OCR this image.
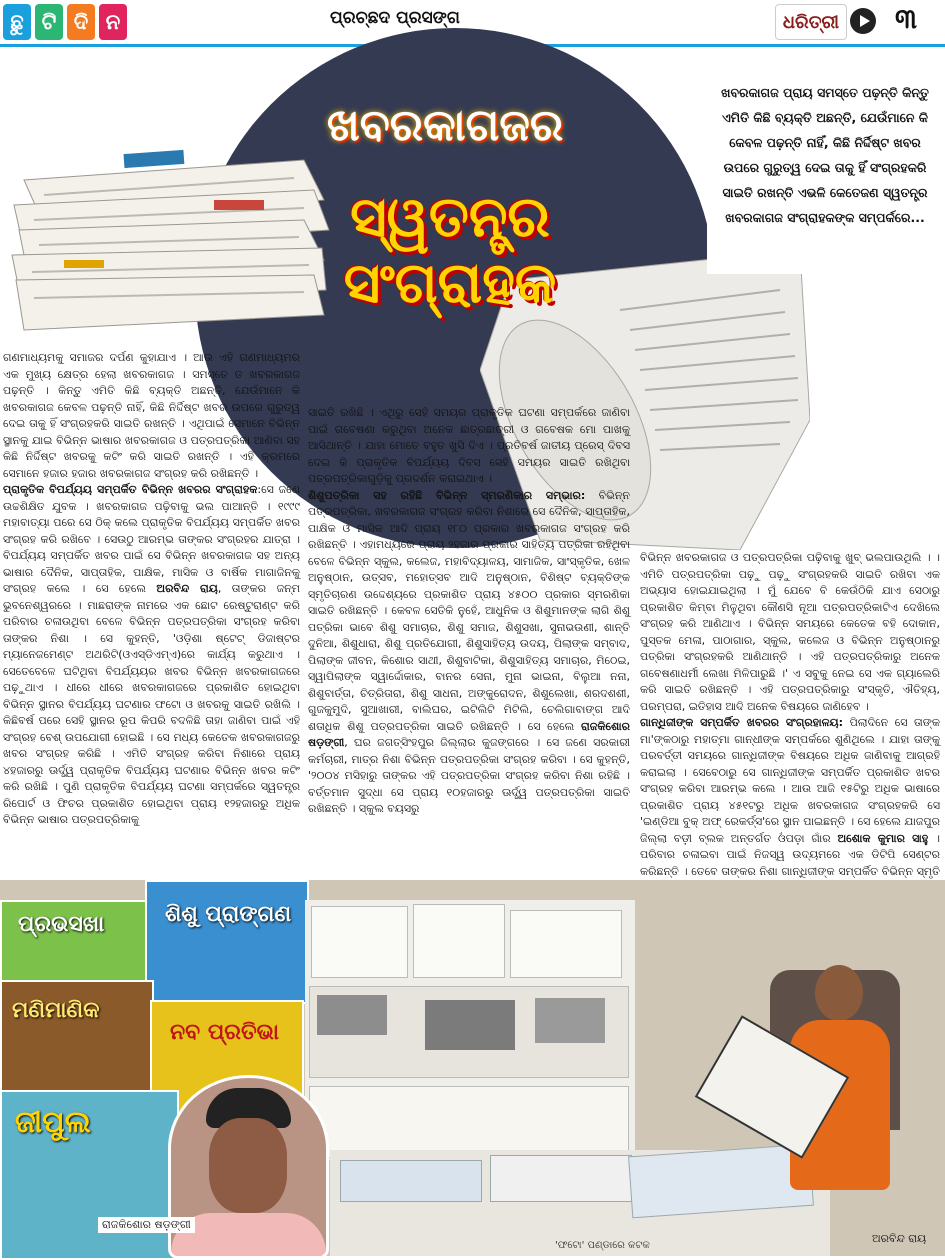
ଛୁ ଟି ଦି ନ	ପ୍ରଚ୍ଛଦ ପ୍ରସଙ୍ଗ	ଧରିତ୍ରୀ ୩
ଖବରକାଗଜର
ସ୍ୱତନ୍ତ୍ର ସଂଗ୍ରାହକ
ଖବରକାଗଜ ପ୍ରାୟ ସମସ୍ତେ ପଢ଼ନ୍ତି କିନ୍ତୁ ଏମିତି କିଛି ବ୍ୟକ୍ତି ଅଛନ୍ତି, ଯେଉଁମାନେ କି କେବଳ ପଢ଼ନ୍ତି ନାହିଁ, କିଛି ନିର୍ଦ୍ଦିଷ୍ଟ ଖବର ଉପରେ ଗୁରୁତ୍ୱ ଦେଇ ତାକୁ ହିଁ ସଂଗ୍ରହକରି ସାଇତି ରଖନ୍ତି ଏଭଳି କେତେଜଣ ସ୍ୱତନ୍ତ୍ର ଖବରକାଗଜ ସଂଗ୍ରାହକଙ୍କ ସମ୍ପର୍କରେ...

ଗଣମାଧ୍ୟମକୁ ସମାଜର ଦର୍ପଣ କୁହାଯାଏ । ଆଉ ଏହି ଗଣମାଧ୍ୟମର ଏକ ମୁଖ୍ୟ କ୍ଷେତ୍ର ହେଲା ଖବରକାଗଜ । ସମସ୍ତେ ତ ଖବରକାଗଜ ପଢ଼ନ୍ତି । କିନ୍ତୁ ଏମିତି କିଛି ବ୍ୟକ୍ତି ଅଛନ୍ତି, ଯେଉଁମାନେ କି ଖବରକାଗଜ କେବଳ ପଢ଼ନ୍ତି ନାହିଁ, କିଛି ନିର୍ଦ୍ଦିଷ୍ଟ ଖବର ଉପରେ ଗୁରୁତ୍ୱ ଦେଇ ତାକୁ ହିଁ ସଂଗ୍ରହକରି ସାଇତି ରଖନ୍ତି । ଏଥିପାଇଁ ସେମାନେ ବିଭିନ୍ନ ସ୍ଥାନକୁ ଯାଇ ବିଭିନ୍ନ ଭାଷାର ଖବରକାଗଜ ଓ ପତ୍ରପତ୍ରିକା ଆଣିବା ସହ କିଛି ନିର୍ଦ୍ଦିଷ୍ଟ ଖବରକୁ କଟିଂ କରି ସାଇତି ରଖନ୍ତି । ଏହି କ୍ରମରେ ସେମାନେ ହଜାର ହଜାର ଖବରକାଗଜ ସଂଗ୍ରହ କରି ରଖିଛନ୍ତି ।

ପ୍ରାକୃତିକ ବିପର୍ଯ୍ୟୟ ସମ୍ପର୍କିତ ବିଭିନ୍ନ ଖବରର ସଂଗ୍ରାହକ:ସେ ଜଣେ ଉଚ୍ଚଶିକ୍ଷିତ ଯୁବକ । ଖବରକାଗଜ ପଢ଼ିବାକୁ ଭଲ ପାଆନ୍ତି । ୧୯୯୯ ମହାବାତ୍ୟା ପରେ ସେ ଠିକ୍ କଲେ ପ୍ରାକୃତିକ ବିପର୍ଯ୍ୟୟ ସମ୍ପର୍କିତ ଖବର ସଂଗ୍ରହ କରି ରଖିବେ । ସେଉଠୁ ଆରମ୍ଭ ତାଙ୍କର ସଂଗ୍ରହର ଯାତ୍ରା । ବିପର୍ଯ୍ୟୟ ସମ୍ପର୍କିତ ଖବର ପାଇଁ ସେ ବିଭିନ୍ନ ଖବରକାଗଜ ସହ ଅନ୍ୟ ଭାଷାର ଦୈନିକ, ସାପ୍ତାହିକ, ପାକ୍ଷିକ, ମାସିକ ଓ ବାର୍ଷିକ ମାଗାଜିନକୁ ସଂଗ୍ରହ କଲେ । ସେ ହେଲେ ଅରବିନ୍ଦ ରାୟ, ତାଙ୍କର ଜନ୍ମ ଭୁବନେଶ୍ୱରରେ । ମାଛରାଙ୍କ ନାମରେ ଏକ ଛୋଟ ରେଷ୍ଟୁରାଣ୍ଟ କରି ପରିବାର ଚଳାଉଥିବା ବେଳେ ବିଭିନ୍ନ ପତ୍ରପତ୍ରିକା ସଂଗ୍ରହ କରିବା ତାଙ୍କର ନିଶା । ସେ କୁହନ୍ତି, 'ଓଡ଼ିଶା ଷ୍ଟେଟ୍ ଡିଜାଷ୍ଟର ମ୍ୟାନେଜମେଣ୍ଟ ଅଥରିଟି(ଓଏସ୍‌ଡିଏମ୍‌ଏ)ରେ କାର୍ଯ୍ୟ କରୁଥାଏ । ସେତେବେଳେ ଘଟିଥିବା ବିପର୍ଯ୍ୟୟର ଖବର ବିଭିନ୍ନ ଖବରକାଗଜରେ ପଢ଼ୁଥାଏ । ଧୀରେ ଧୀରେ ଖବରକାଗଜରେ ପ୍ରକାଶିତ ହୋଇଥିବା ବିଭିନ୍ନ ସ୍ଥାନର ବିପର୍ଯ୍ୟୟ ଘଟଣାର ଫଟୋ ଓ ଖବରକୁ ସାଇତି ରଖିଲି । କିଛିବର୍ଷ ପରେ ସେହି ସ୍ଥାନର ରୂପ କିପରି ବଦଳିଛି ତାହା ଜାଣିବା ପାଇଁ ଏହି ସଂଗ୍ରହ ବେଶ୍ ଉପଯୋଗୀ ହୋଇଛି । ସେ ମଧ୍ୟ କେତେକ ଖବରକାଗଜରୁ ଖବର ସଂଗ୍ରହ କରିଛି । ଏମିତି ସଂଗ୍ରହ କରିବା ନିଶାରେ ପ୍ରାୟ ୪ହଜାରରୁ ଊର୍ଦ୍ଧ୍ୱ ପ୍ରାକୃତିକ ବିପର୍ଯ୍ୟୟ ଘଟଣାର ବିଭିନ୍ନ ଖବର କଟିଂ କରି ରଖିଛି । ପୁଣି ପ୍ରାକୃତିକ ବିପର୍ଯ୍ୟୟ ଘଟଣା ସମ୍ପର୍କରେ ସ୍ୱତନ୍ତ୍ର ରିପୋର୍ଟ ଓ ଫିଚର ପ୍ରକାଶିତ ହୋଇଥିବା ପ୍ରାୟ ୧୨ହଜାରରୁ ଅଧିକ ବିଭିନ୍ନ ଭାଷାର ପତ୍ରପତ୍ରିକାକୁ

ସାଇତି ରଖିଛି । ଏଥିରୁ ସେହି ସମୟର ପ୍ରାକୃତିକ ଘଟଣା ସମ୍ପର୍କରେ ଜାଣିବା ପାଇଁ ଗବେଷଣା କରୁଥିବା ଅନେକ ଛାତ୍ରଛାତ୍ରୀ ଓ ଗବେଷକ ମୋ ପାଖକୁ ଆସିଥାନ୍ତି । ଯାହା ମୋତେ ବହୁତ ଖୁସି ଦିଏ । ପ୍ରତିବର୍ଷ ଜାତୀୟ ପ୍ରେସ୍ ଦିବସ ଦେଇ କି ପ୍ରାକୃତିକ ବିପର୍ଯ୍ୟୟ ଦିବସ ସେହି ସମୟର ସାଇତି ରଖିଥିବା ପତ୍ରପତ୍ରିକାଗୁଡ଼ିକୁ ପ୍ରଦର୍ଶନ କରାଇଥାଏ ।

ଶିଶୁପତ୍ରିକା ସହ ରହିଛି ବିଭିନ୍ନ ସ୍ମରଣିକାର ସମ୍ଭାର: ବିଭିନ୍ନ ପତ୍ରପତ୍ରିକା, ଖବରକାଗଜ ସଂଗ୍ରହ କରିବା ନିଶାରେ ସେ ଦୈନିକ, ସାପ୍ତାହିକ, ପାକ୍ଷିକ ଓ ମାସିକ ଆଦି ପ୍ରାୟ ୧୮୦ ପ୍ରକାର ଖବରକାଗଜ ସଂଗ୍ରହ କରି ରଖିଛନ୍ତି । ଏହାମଧ୍ୟରେ ପ୍ରାୟ ୨ହଜାର ପ୍ରକାର ସାହିତ୍ୟ ପତ୍ରିକା ରହିଥିବା ବେଳେ ବିଭିନ୍ନ ସ୍କୁଲ, କଲେଜ, ମହାବିଦ୍ୟାଳୟ, ସାମାଜିକ, ସାଂସ୍କୃତିକ, ଖେଳ ଅନୁଷ୍ଠାନ, ଉତ୍ସବ, ମହୋତ୍ସବ ଆଦି ଅନୁଷ୍ଠାନ, ବିଶିଷ୍ଟ ବ୍ୟକ୍ତିଙ୍କ ସ୍ମୃତିଚାରଣ ଉଦ୍ଦେଶ୍ୟରେ ପ୍ରକାଶିତ ପ୍ରାୟ ୪୫୦୦ ପ୍ରକାର ସ୍ମରଣିକା ସାଇତି ରଖିଛନ୍ତି । କେବଳ ସେତିକି ନୁହେଁ, ଆଧୁନିକ ଓ ଶିଶୁମାନଙ୍କ ଲାଗି ଶିଶୁ ପତ୍ରିକା ଭାବେ ଶିଶୁ ସମାଚାର, ଶିଶୁ ସମାଜ, ଶିଶୁସଖା, ସୁନାଭଉଣୀ, ଶାନ୍ତି ଦୁନିଆ, ଶିଶୁଧାରା, ଶିଶୁ ପ୍ରତିଯୋଗୀ, ଶିଶୁସାହିତ୍ୟ ଉଦୟ, ପିଲାଙ୍କ ସମ୍ବାଦ, ପିଲାଙ୍କ ଜୀବନ, କିଶୋର ସାଥୀ, ଶିଶୁବାଟିକା, ଶିଶୁସାହିତ୍ୟ ସମାଚାର, ମିଠେଇ, ସ୍ୱାପିଲାଙ୍କ ସ୍ୱାର୍ଦ୍ଦୋକାର, ବାନର ସେନା, ମୁନା ଭାଇନା, ବିଲୁଆ ନନା, ଶିଶୁବାର୍ତ୍ତା, ଚିତ୍ରିତାରା, ଶିଶୁ ସାଧନା, ଅଙ୍କୁରୋଦନ, ଶିଶୁଲେଖା, ଶରଦଶଶୀ, ଗୁଜକୁମୁଦି, ସୁଆଖାରୀ, ବାଲିଘର, ଇଟିଲିଟି ମିଟିଲି, ଚେଲିଗାବାଙ୍ଗ ଆଦି ଶତାଧିକ ଶିଶୁ ପତ୍ରପତ୍ରିକା ସାଇତି ରଖିଛନ୍ତି । ସେ ହେଲେ ରାଜକିଶୋର ଷଡ଼ଙ୍ଗୀ, ଘର ଜଗତ୍‌ସିଂହପୁର ଜିଲ୍ଲାର କୁଜଙ୍ଗରେ । ସେ ଜଣେ ସରକାରୀ କର୍ମଚାରୀ, ମାତ୍ର ନିଶା ବିଭିନ୍ନ ପତ୍ରପତ୍ରିକା ସଂଗ୍ରହ କରିବା । ସେ କୁହନ୍ତି, '୨୦୦୪ ମସିହାରୁ ତାଙ୍କର ଏହି ପତ୍ରପତ୍ରିକା ସଂଗ୍ରହ କରିବା ନିଶା ରହିଛି । ବର୍ତ୍ତମାନ ସୁଦ୍ଧା ସେ ପ୍ରାୟ ୧୦ହଜାରରୁ ଊର୍ଦ୍ଧ୍ୱ ପତ୍ରପତ୍ରିକା ସାଇତି ରଖିଛନ୍ତି । ସ୍କୁଲ ବୟସରୁ

ବିଭିନ୍ନ ଖବରକାଗଜ ଓ ପତ୍ରପତ୍ରିକା ପଢ଼ିବାକୁ ଖୁବ୍ ଭଲପାଉଥିଲି । । ଏମିତି ପତ୍ରପତ୍ରିକା ପଢ଼ୁ ପଢ଼ୁ ସଂଗ୍ରହକରି ସାଇତି ରଖିବା ଏକ ଅଭ୍ୟାସ ହୋଇଯାଇଥିଲା । ମୁଁ ଯେବେ ବି କେଉଁଠିକି ଯାଏ ସେଠାରୁ ପ୍ରକାଶିତ କିମ୍ବା ମିଳୁଥିବା କୌଣସି ନୂଆ ପତ୍ରପତ୍ରିକାଟିଏ ଦେଖିଲେ ସଂଗ୍ରହ କରି ଆଣିଥାଏ । ବିଭିନ୍ନ ସମୟରେ କେତେକ ବହି ଦୋକାନ, ପୁସ୍ତକ ମେଳା, ପାଠାଗାର, ସ୍କୁଲ, କଲେଜ ଓ ବିଭିନ୍ନ ଅନୁଷ୍ଠାନରୁ ପତ୍ରିକା ସଂଗ୍ରହକରି ଆଣିଥାନ୍ତି । ଏହି ପତ୍ରପତ୍ରିକାରୁ ଅନେକ ଗବେଷଣାଧର୍ମୀ ଲେଖା ମିଳିପାରୁଛି ।' ଏ ସବୁକୁ ନେଇ ସେ ଏକ ଗ୍ୟାଲେରି କରି ସାଇତି ରଖିଛନ୍ତି । ଏହି ପତ୍ରପତ୍ରିକାରୁ ସଂସ୍କୃତି, ଐତିହ୍ୟ, ପରମ୍ପରା, ଇତିହାସ ଆଦି ଅନେକ ବିଷୟରେ ଜାଣିହେବ ।

ଗାନ୍ଧିଜୀଙ୍କ ସମ୍ପର୍କିତ ଖବରର ସଂଗ୍ରହାଳୟ: ପିଲାଦିନେ ସେ ତାଙ୍କ ମା'ଙ୍କଠାରୁ ମହାତ୍ମା ଗାନ୍ଧୀଙ୍କ ସମ୍ପର୍କରେ ଶୁଣିଥିଲେ । ଯାହା ତାଙ୍କୁ ପରବର୍ତ୍ତୀ ସମୟରେ ଗାନ୍ଧିଜୀଙ୍କ ବିଷୟରେ ଅଧିକ ଜାଣିବାକୁ ଆଗ୍ରହି କରାଇଲା । ସେବେଠାରୁ ସେ ଗାନ୍ଧିଜୀଙ୍କ ସମ୍ପର୍କିତ ପ୍ରକାଶିତ ଖବର ସଂଗ୍ରହ କରିବା ଆରମ୍ଭ କଲେ । ଆଉ ଆଜି ୧୫ଟିରୁ ଅଧିକ ଭାଷାରେ ପ୍ରକାଶିତ ପ୍ରାୟ ୪୫୧ଟରୁ ଅଧିକ ଖବରକାଗଜ ସଂଗ୍ରହକରି ସେ 'ଇଣ୍ଡିଆ ବୁକ୍ ଅଫ୍ ରେକର୍ଡ୍ସ'ରେ ସ୍ଥାନ ପାଇଛନ୍ତି । ସେ ହେଲେ ଯାଜପୁର ଜିଲ୍ଲା ବଡ଼ୀ ବ୍ଲକ ଅନ୍ତର୍ଗତ ଓଁପଡ଼ା ଗାଁର ଅଶୋକ କୁମାର ସାହୁ । ପରିବାର ଚଳାଇବା ପାଇଁ ନିଜସ୍ୱ ଉଦ୍ୟମରେ ଏକ ଡିଟିପି ସେଣ୍ଟର କରିଛନ୍ତି । ତେବେ ତାଙ୍କର ନିଶା ଗାନ୍ଧିଜୀଙ୍କ ସମ୍ପର୍କିତ ବିଭିନ୍ନ ସ୍ମୃତି

ପ୍ରଭସଖା	ଶିଶୁ ପ୍ରାଙ୍ଗଣ
ମଣିମାଣିକ
ନବ ପ୍ରତିଭା
ଜୀପୁଲ
ରାଜକିଶୋର ଷଡ଼ଙ୍ଗୀ
'ଫଟୋ' ପଣ୍ଡାରେ କଟକ
ଅରବିନ୍ଦ ରାୟ
